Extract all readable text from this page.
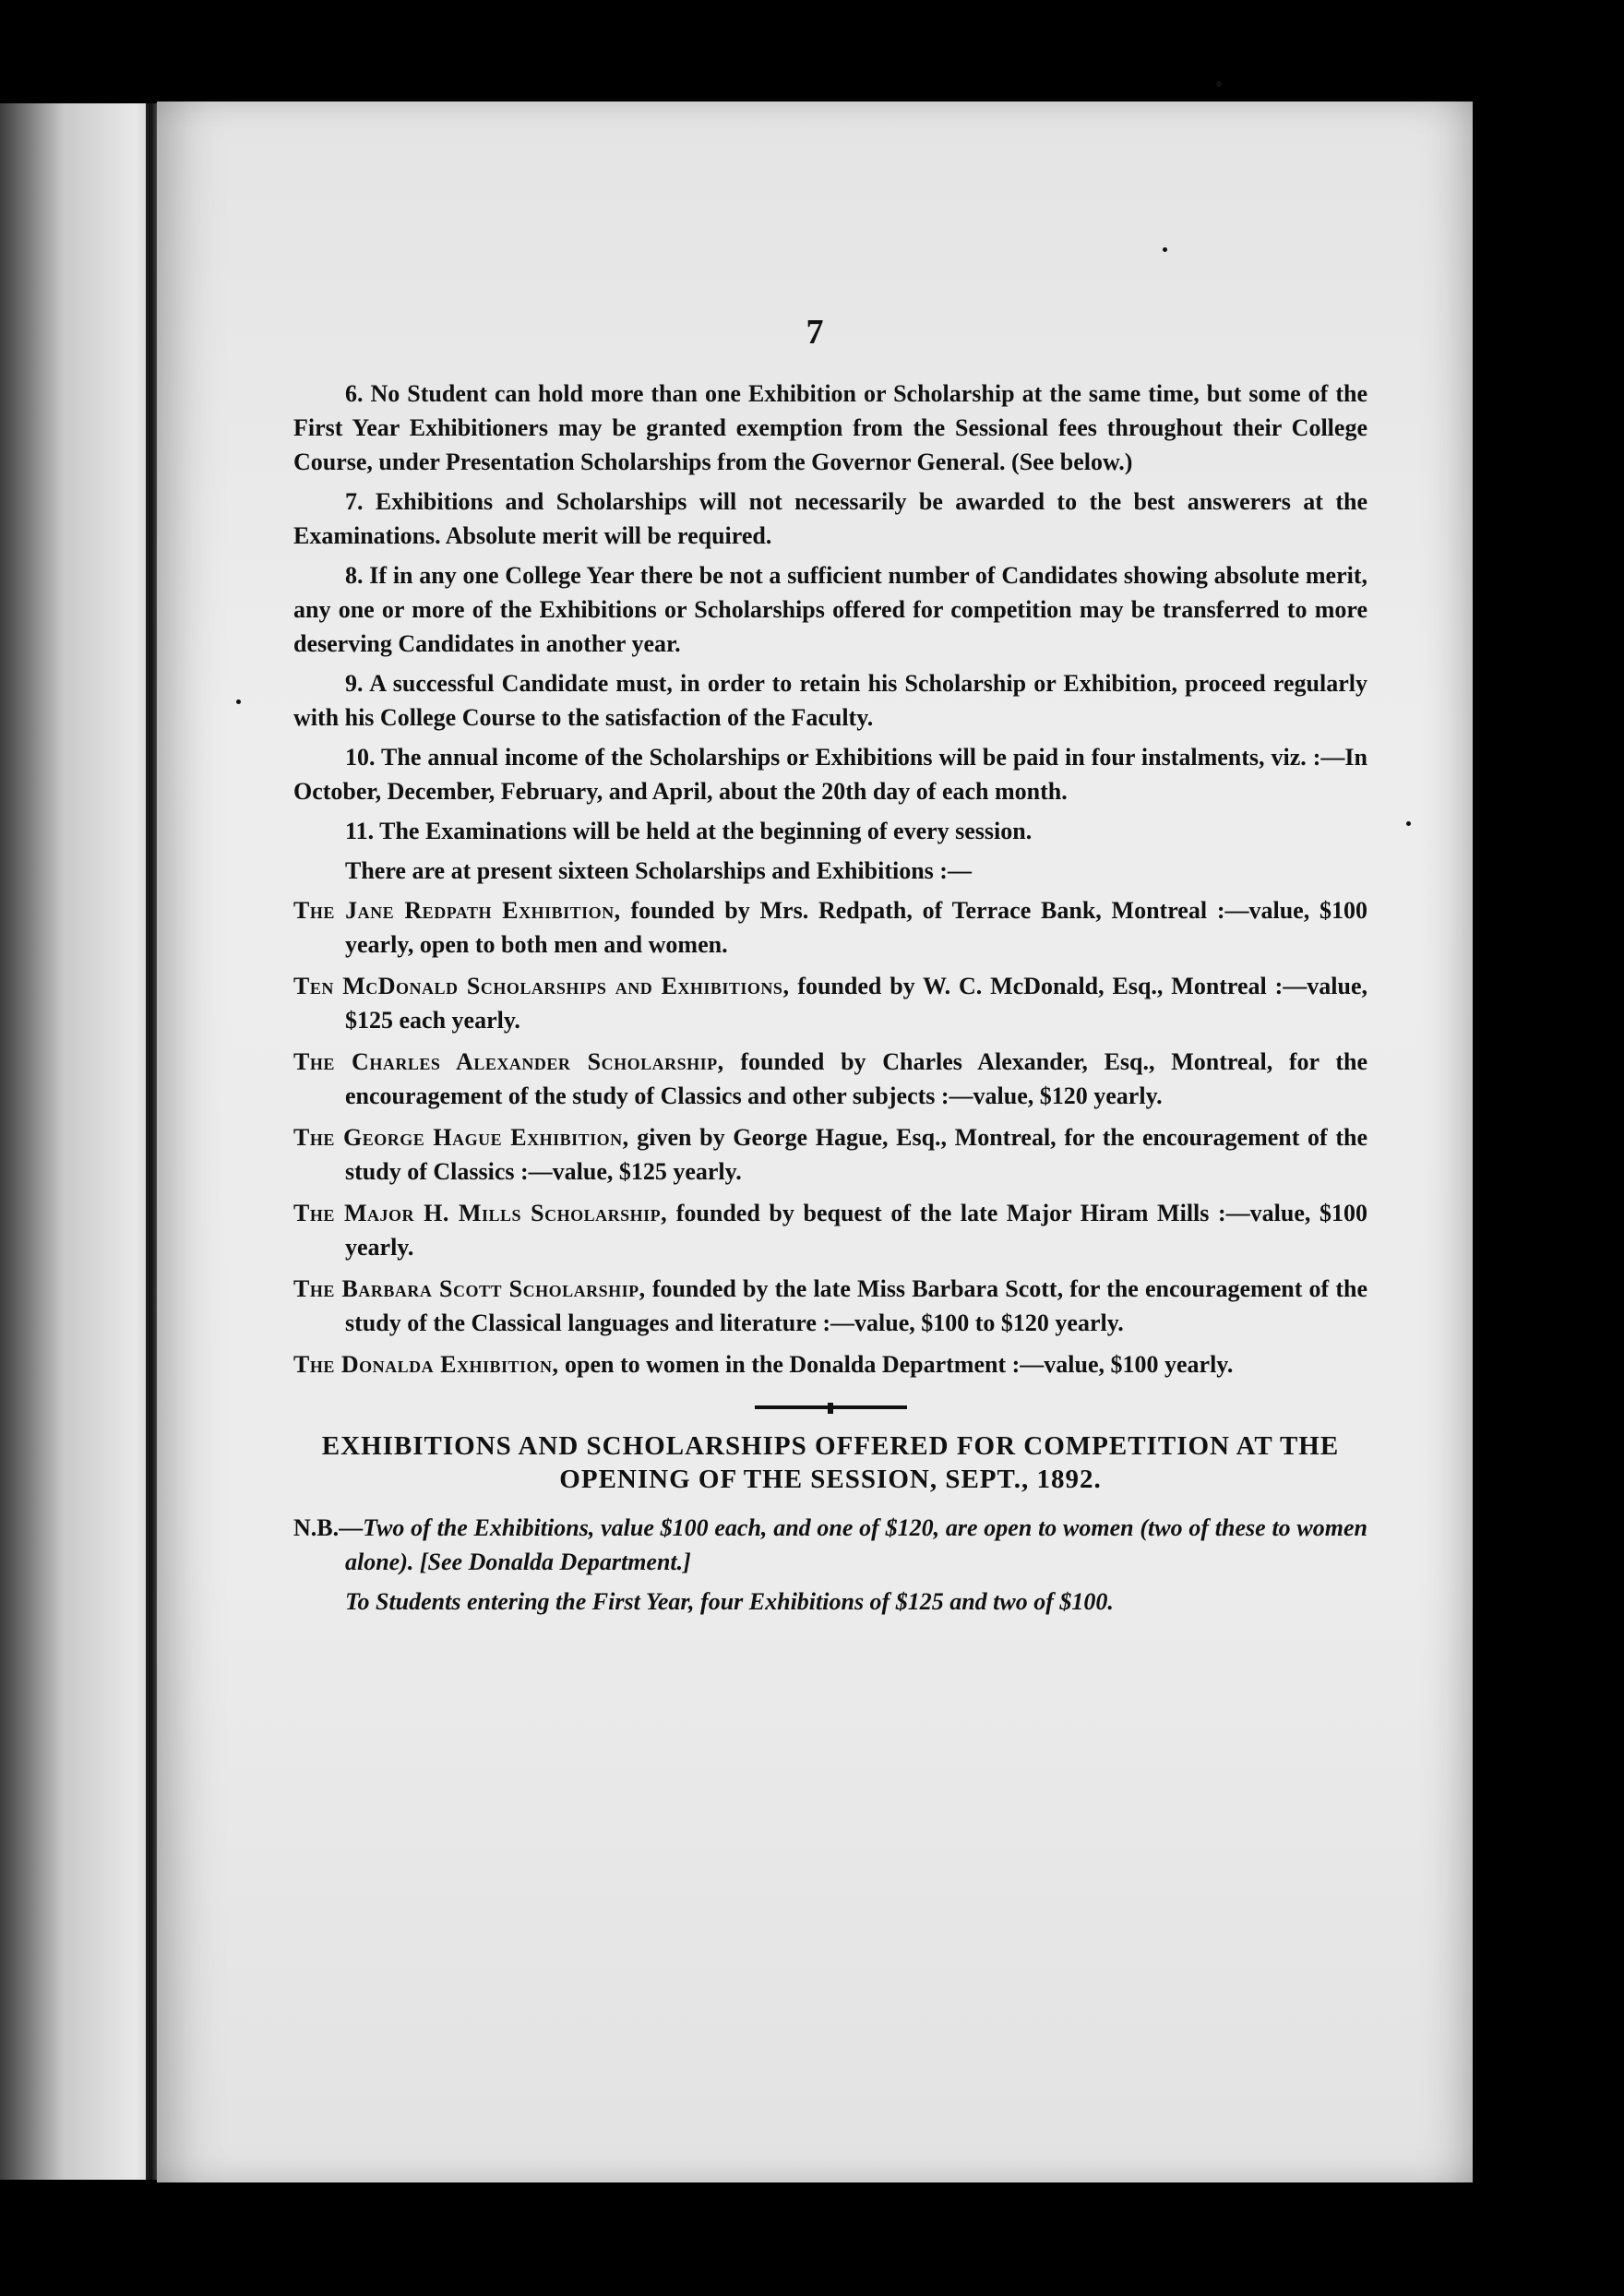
7

6. No Student can hold more than one Exhibition or Scholarship at the same time, but some of the First Year Exhibitioners may be granted exemption from the Sessional fees throughout their College Course, under Presentation Scholarships from the Governor General. (See below.)

7. Exhibitions and Scholarships will not necessarily be awarded to the best answerers at the Examinations. Absolute merit will be required.

8. If in any one College Year there be not a sufficient number of Candidates showing absolute merit, any one or more of the Exhibitions or Scholarships offered for competition may be transferred to more deserving Candidates in another year.

9. A successful Candidate must, in order to retain his Scholarship or Exhibition, proceed regularly with his College Course to the satisfaction of the Faculty.

10. The annual income of the Scholarships or Exhibitions will be paid in four instalments, viz. :—In October, December, February, and April, about the 20th day of each month.

11. The Examinations will be held at the beginning of every session.

There are at present sixteen Scholarships and Exhibitions :—

The Jane Redpath Exhibition, founded by Mrs. Redpath, of Terrace Bank, Montreal :—value, $100 yearly, open to both men and women.

Ten McDonald Scholarships and Exhibitions, founded by W. C. McDonald, Esq., Montreal :—value, $125 each yearly.

The Charles Alexander Scholarship, founded by Charles Alexander, Esq., Montreal, for the encouragement of the study of Classics and other subjects :—value, $120 yearly.

The George Hague Exhibition, given by George Hague, Esq., Montreal, for the encouragement of the study of Classics :—value, $125 yearly.

The Major H. Mills Scholarship, founded by bequest of the late Major Hiram Mills :—value, $100 yearly.

The Barbara Scott Scholarship, founded by the late Miss Barbara Scott, for the encouragement of the study of the Classical languages and literature :—value, $100 to $120 yearly.

The Donalda Exhibition, open to women in the Donalda Department :—value, $100 yearly.

EXHIBITIONS AND SCHOLARSHIPS OFFERED FOR COMPETITION AT THE OPENING OF THE SESSION, SEPT., 1892.

N.B.—Two of the Exhibitions, value $100 each, and one of $120, are open to women (two of these to women alone). [See Donalda Department.]

To Students entering the First Year, four Exhibitions of $125 and two of $100.
